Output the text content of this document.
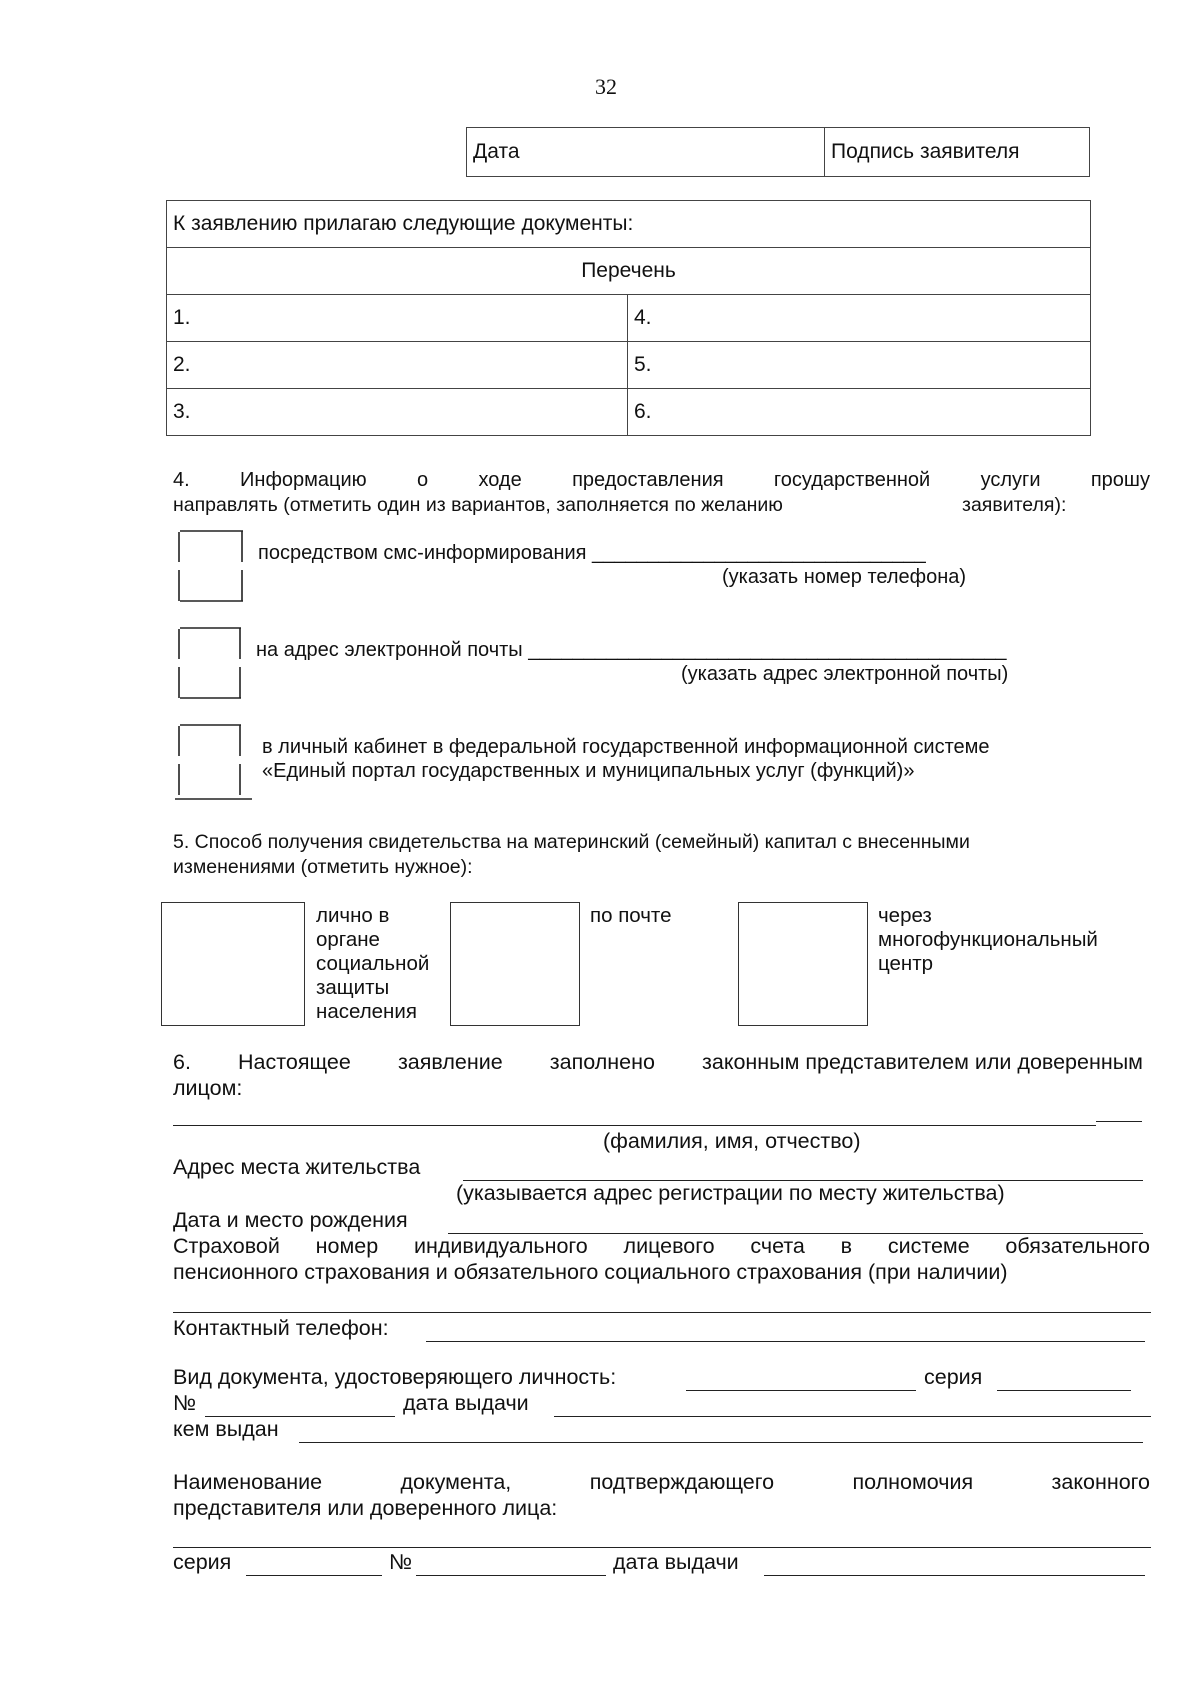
32
Дата	Подпись заявителя
К заявлению прилагаю следующие документы:	
Перечень	
1.	4.
2.	5.
3.	6.
4.	Информацию	о	ходе	предоставления	государственной	услуги	прошу
направлять (отметить один из вариантов, заполняется по желанию	заявителя):
посредством смс-информирования ______________________________
(указать номер телефона)
на адрес электронной почты ___________________________________________
(указать адрес электронной почты)
в личный кабинет в федеральной государственной информационной системе
«Единый портал государственных и муниципальных услуг (функций)»
5. Способ получения свидетельства на материнский (семейный) капитал с внесенными
изменениями (отметить нужное):
лично в
органе
социальной
защиты
населения
по почте	через
многофункциональный
центр
6. Настоящее заявление заполнено законным представителем или доверенным
лицом:
(фамилия, имя, отчество)
Адрес места жительства
(указывается адрес регистрации по месту жительства)
Дата и место рождения
Страховой номер индивидуального лицевого счета в системе обязательного
пенсионного страхования и обязательного социального страхования (при наличии)
Контактный телефон:
Вид документа, удостоверяющего личность:	серия
№	дата выдачи
кем выдан
Наименование	документа,	подтверждающего	полномочия	законного
представителя или доверенного лица:
серия	№	дата выдачи
